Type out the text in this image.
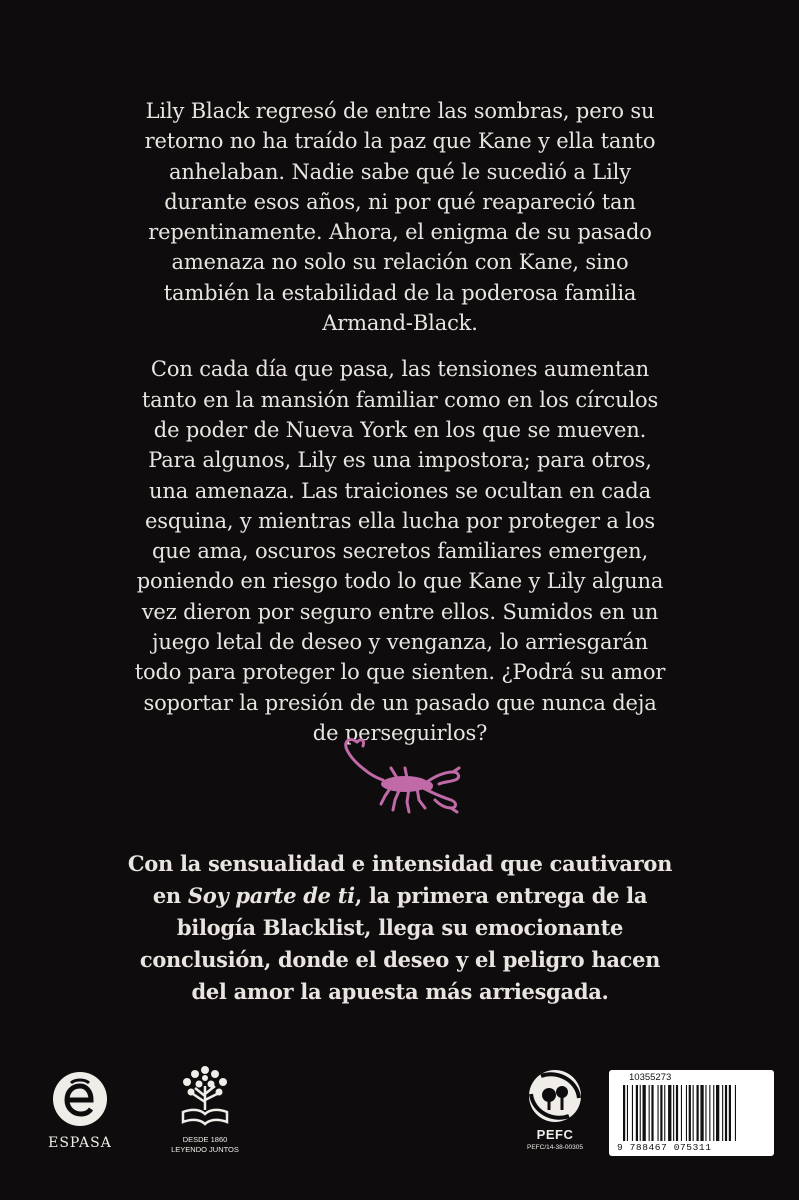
Lily Black regresó de entre las sombras, pero su retorno no ha traído la paz que Kane y ella tanto anhelaban. Nadie sabe qué le sucedió a Lily durante esos años, ni por qué reapareció tan repentinamente. Ahora, el enigma de su pasado amenaza no solo su relación con Kane, sino también la estabilidad de la poderosa familia Armand-Black.

Con cada día que pasa, las tensiones aumentan tanto en la mansión familiar como en los círculos de poder de Nueva York en los que se mueven. Para algunos, Lily es una impostora; para otros, una amenaza. Las traiciones se ocultan en cada esquina, y mientras ella lucha por proteger a los que ama, oscuros secretos familiares emergen, poniendo en riesgo todo lo que Kane y Lily alguna vez dieron por seguro entre ellos. Sumidos en un juego letal de deseo y venganza, lo arriesgarán todo para proteger lo que sienten. ¿Podrá su amor soportar la presión de un pasado que nunca deja de perseguirlos?

Con la sensualidad e intensidad que cautivaron en Soy parte de ti, la primera entrega de la bilogía Blacklist, llega su emocionante conclusión, donde el deseo y el peligro hacen del amor la apuesta más arriesgada.
ESPASA	DESDE 1860
LEYENDO JUNTOS
PEFC
PEFC/14-38-00305
10355273
9 788467 075311
